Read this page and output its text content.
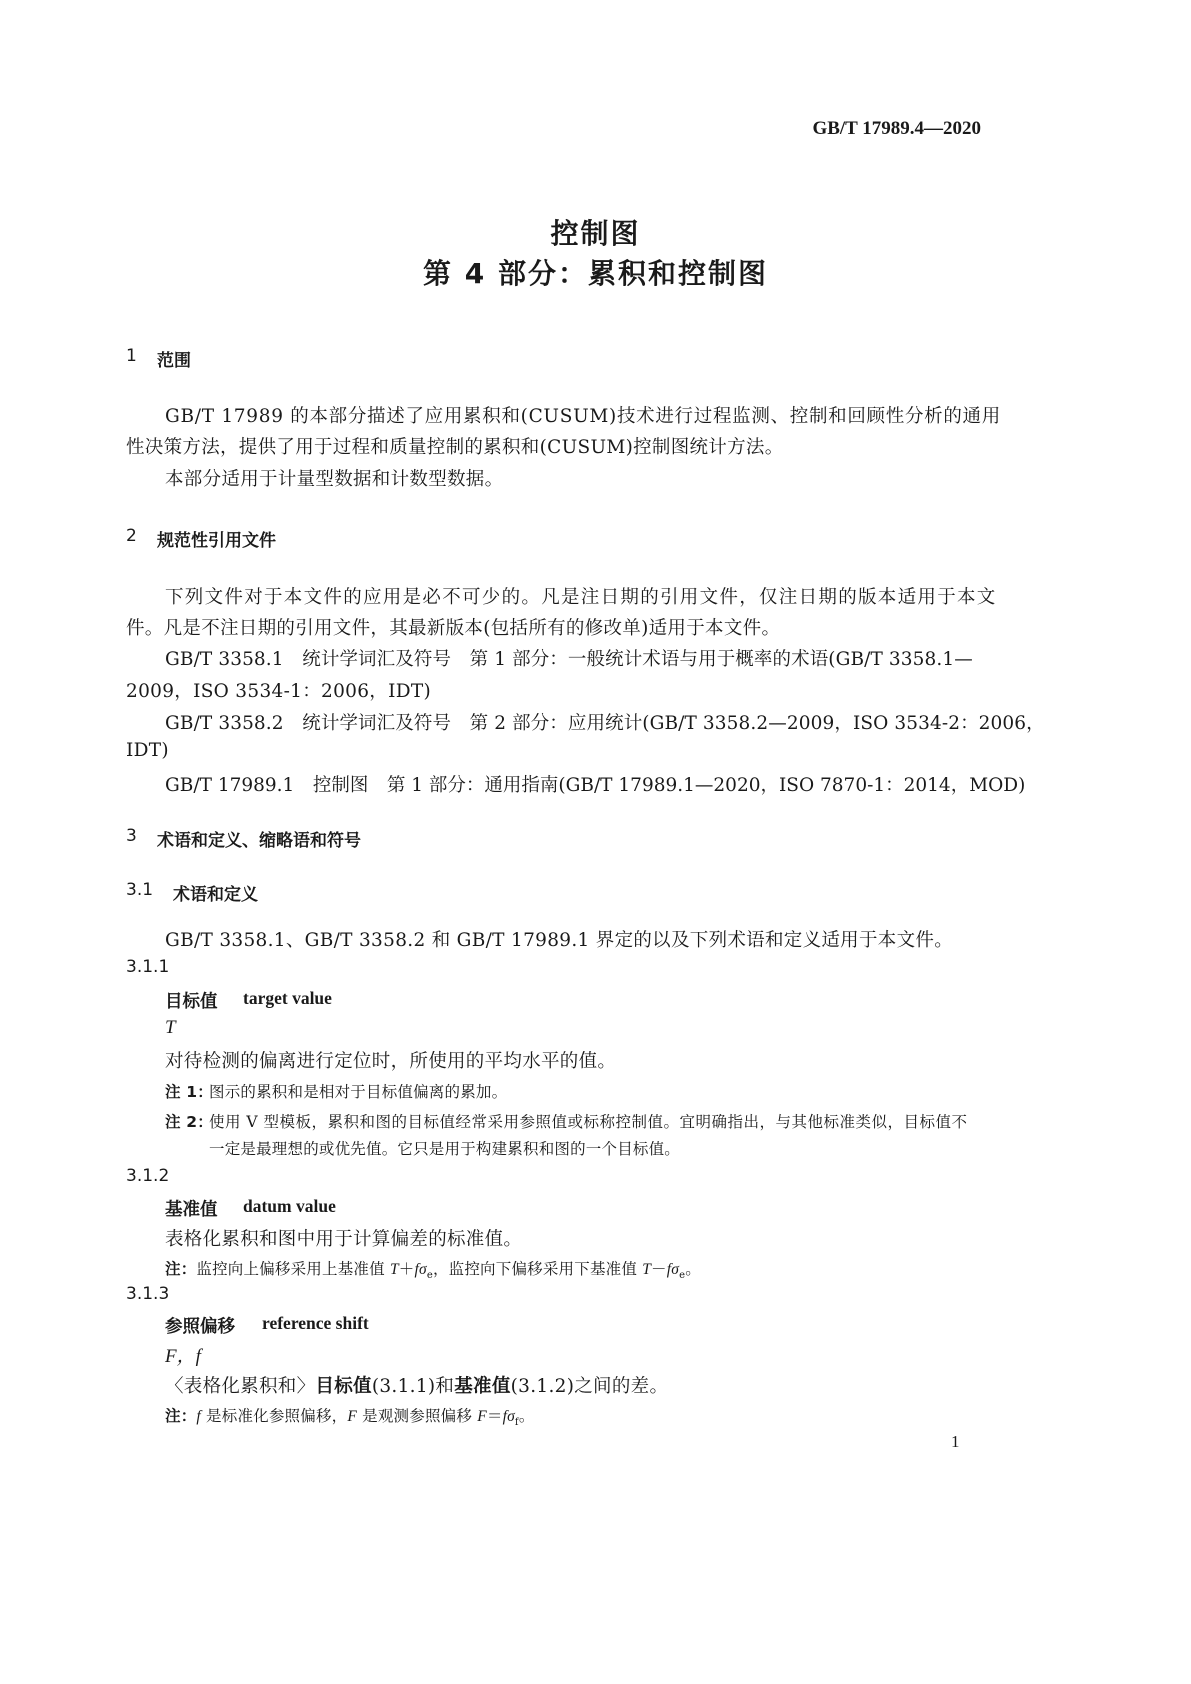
GB/T 17989.4—2020
控制图
第 4 部分：累积和控制图
1 范围
GB/T 17989 的本部分描述了应用累积和(CUSUM)技术进行过程监测、控制和回顾性分析的通用
性决策方法，提供了用于过程和质量控制的累积和(CUSUM)控制图统计方法。
本部分适用于计量型数据和计数型数据。
2 规范性引用文件
下列文件对于本文件的应用是必不可少的。凡是注日期的引用文件，仅注日期的版本适用于本文
件。凡是不注日期的引用文件，其最新版本(包括所有的修改单)适用于本文件。
GB/T 3358.1　统计学词汇及符号　第 1 部分：一般统计术语与用于概率的术语(GB/T 3358.1—
2009，ISO 3534-1：2006，IDT)
GB/T 3358.2　统计学词汇及符号　第 2 部分：应用统计(GB/T 3358.2—2009，ISO 3534-2：2006，
IDT)
GB/T 17989.1　控制图　第 1 部分：通用指南(GB/T 17989.1—2020，ISO 7870-1：2014，MOD)
3 术语和定义、缩略语和符号
3.1 术语和定义
GB/T 3358.1、GB/T 3358.2 和 GB/T 17989.1 界定的以及下列术语和定义适用于本文件。
3.1.1
目标值 target value
T
对待检测的偏离进行定位时，所使用的平均水平的值。
注 1：
图示的累积和是相对于目标值偏离的累加。
注 2：
使用 V 型模板，累积和图的目标值经常采用参照值或标称控制值。宜明确指出，与其他标准类似，目标值不
一定是最理想的或优先值。它只是用于构建累积和图的一个目标值。
3.1.2
基准值 datum value
表格化累积和图中用于计算偏差的标准值。
注：监控向上偏移采用上基准值 $T+f\sigma_e$，监控向下偏移采用下基准值 $T-f\sigma_e$。
3.1.3
参照偏移 reference shift
F，f
〈表格化累积和〉目标值(3.1.1)和基准值(3.1.2)之间的差。
注：f 是标准化参照偏移，F 是观测参照偏移 $F=f\sigma_f$。
1
